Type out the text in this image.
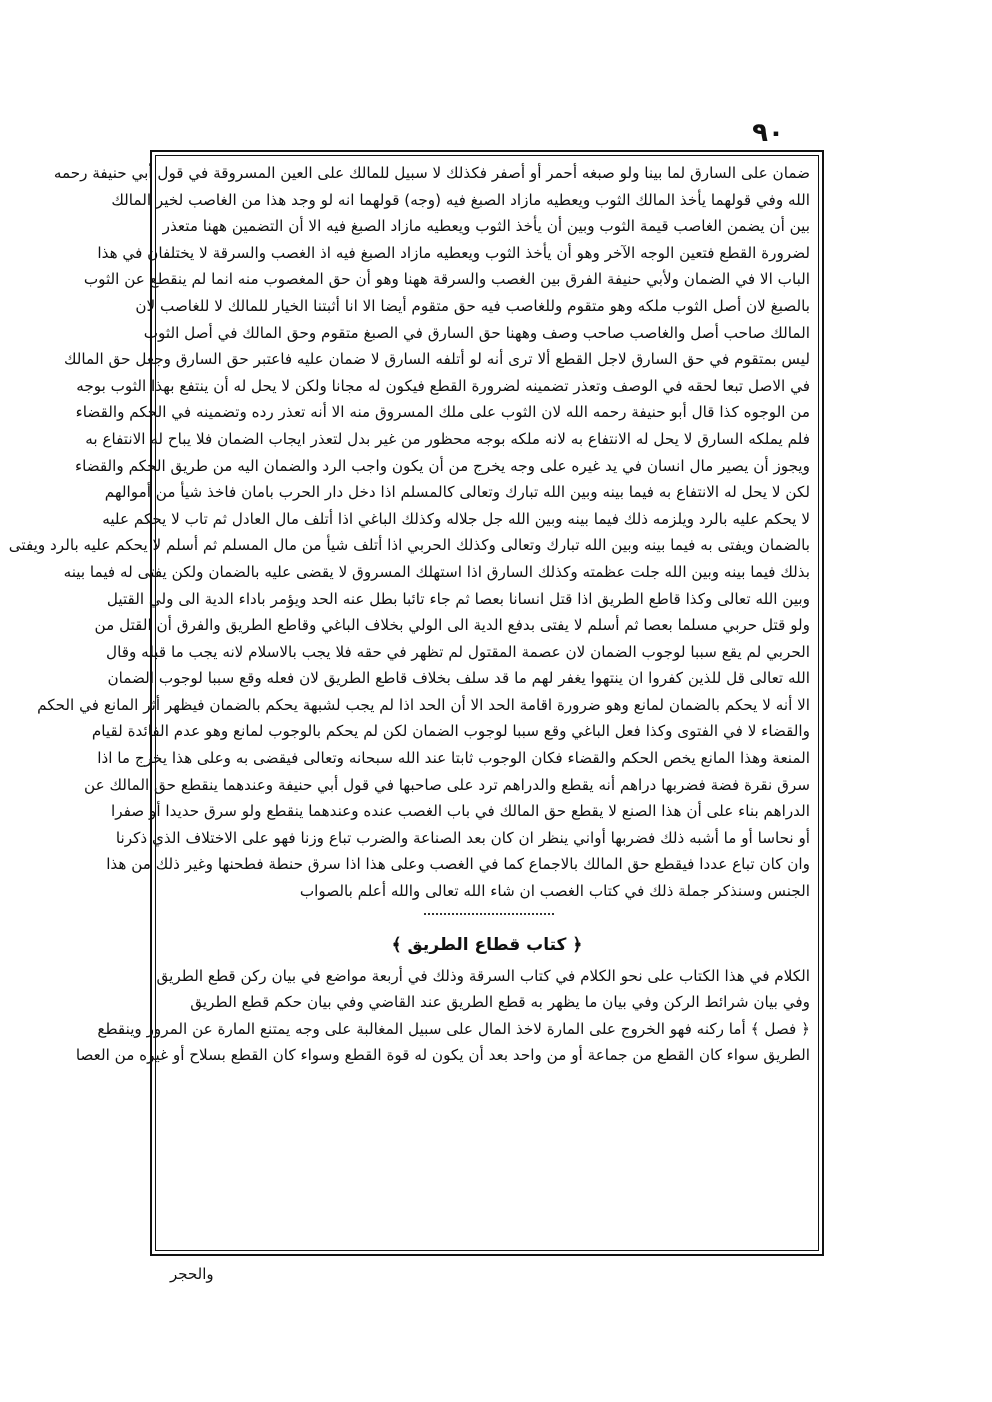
٩٠
ضمان على السارق لما بينا ولو صبغه أحمر أو أصفر فكذلك لا سبيل للمالك على العين المسروقة في قول أبي حنيفة رحمه
الله وفي قولهما يأخذ المالك الثوب ويعطيه مازاد الصبغ فيه (وجه) قولهما انه لو وجد هذا من الغاصب لخير المالك
بين أن يضمن الغاصب قيمة الثوب وبين أن يأخذ الثوب ويعطيه مازاد الصبغ فيه الا أن التضمين ههنا متعذر
لضرورة القطع فتعين الوجه الآخر وهو أن يأخذ الثوب ويعطيه مازاد الصبغ فيه اذ الغصب والسرقة لا يختلفان في هذا
الباب الا في الضمان ولأبي حنيفة الفرق بين الغصب والسرقة ههنا وهو أن حق المغصوب منه انما لم ينقطع عن الثوب
بالصبغ لان أصل الثوب ملكه وهو متقوم وللغاصب فيه حق متقوم أيضا الا انا أثبتنا الخيار للمالك لا للغاصب لان
المالك صاحب أصل والغاصب صاحب وصف وههنا حق السارق في الصبغ متقوم وحق المالك في أصل الثوب
ليس بمتقوم في حق السارق لاجل القطع ألا ترى أنه لو أتلفه السارق لا ضمان عليه فاعتبر حق السارق وجعل حق المالك
في الاصل تبعا لحقه في الوصف وتعذر تضمينه لضرورة القطع فيكون له مجانا ولكن لا يحل له أن ينتفع بهذا الثوب بوجه
من الوجوه كذا قال أبو حنيفة رحمه الله لان الثوب على ملك المسروق منه الا أنه تعذر رده وتضمينه في الحكم والقضاء
فلم يملكه السارق لا يحل له الانتفاع به لانه ملكه بوجه محظور من غير بدل لتعذر ايجاب الضمان فلا يباح له الانتفاع به
ويجوز أن يصير مال انسان في يد غيره على وجه يخرج من أن يكون واجب الرد والضمان اليه من طريق الحكم والقضاء
لكن لا يحل له الانتفاع به فيما بينه وبين الله تبارك وتعالى كالمسلم اذا دخل دار الحرب بامان فاخذ شيأ من أموالهم
لا يحكم عليه بالرد ويلزمه ذلك فيما بينه وبين الله جل جلاله وكذلك الباغي اذا أتلف مال العادل ثم تاب لا يحكم عليه
بالضمان ويفتى به فيما بينه وبين الله تبارك وتعالى وكذلك الحربي اذا أتلف شيأ من مال المسلم ثم أسلم لا يحكم عليه بالرد ويفتى
بذلك فيما بينه وبين الله جلت عظمته وكذلك السارق اذا استهلك المسروق لا يقضى عليه بالضمان ولكن يفتى له فيما بينه
وبين الله تعالى وكذا قاطع الطريق اذا قتل انسانا بعصا ثم جاء تائبا بطل عنه الحد ويؤمر باداء الدية الى ولي القتيل
ولو قتل حربي مسلما بعصا ثم أسلم لا يفتى بدفع الدية الى الولي بخلاف الباغي وقاطع الطريق والفرق أن القتل من
الحربي لم يقع سببا لوجوب الضمان لان عصمة المقتول لم تظهر في حقه فلا يجب بالاسلام لانه يجب ما قبله وقال
الله تعالى قل للذين كفروا ان ينتهوا يغفر لهم ما قد سلف بخلاف قاطع الطريق لان فعله وقع سببا لوجوب الضمان
الا أنه لا يحكم بالضمان لمانع وهو ضرورة اقامة الحد الا أن الحد اذا لم يجب لشبهة يحكم بالضمان فيظهر أثر المانع في الحكم
والقضاء لا في الفتوى وكذا فعل الباغي وقع سببا لوجوب الضمان لكن لم يحكم بالوجوب لمانع وهو عدم الفائدة لقيام
المنعة وهذا المانع يخص الحكم والقضاء فكان الوجوب ثابتا عند الله سبحانه وتعالى فيقضى به وعلى هذا يخرج ما اذا
سرق نقرة فضة فضربها دراهم أنه يقطع والدراهم ترد على صاحبها في قول أبي حنيفة وعندهما ينقطع حق المالك عن
الدراهم بناء على أن هذا الصنع لا يقطع حق المالك في باب الغصب عنده وعندهما ينقطع ولو سرق حديدا أو صفرا
أو نحاسا أو ما أشبه ذلك فضربها أواني ينظر ان كان بعد الصناعة والضرب تباع وزنا فهو على الاختلاف الذي ذكرنا
وان كان تباع عددا فيقطع حق المالك بالاجماع كما في الغصب وعلى هذا اذا سرق حنطة فطحنها وغير ذلك من هذا
الجنس وسنذكر جملة ذلك في كتاب الغصب ان شاء الله تعالى والله أعلم بالصواب
﴿ كتاب قطاع الطريق ﴾
الكلام في هذا الكتاب على نحو الكلام في كتاب السرقة وذلك في أربعة مواضع في بيان ركن قطع الطريق
وفي بيان شرائط الركن وفي بيان ما يظهر به قطع الطريق عند القاضي وفي بيان حكم قطع الطريق
﴿ فصل ﴾ أما ركنه فهو الخروج على المارة لاخذ المال على سبيل المغالبة على وجه يمتنع المارة عن المرور وينقطع
الطريق سواء كان القطع من جماعة أو من واحد بعد أن يكون له قوة القطع وسواء كان القطع بسلاح أو غيره من العصا
والحجر
